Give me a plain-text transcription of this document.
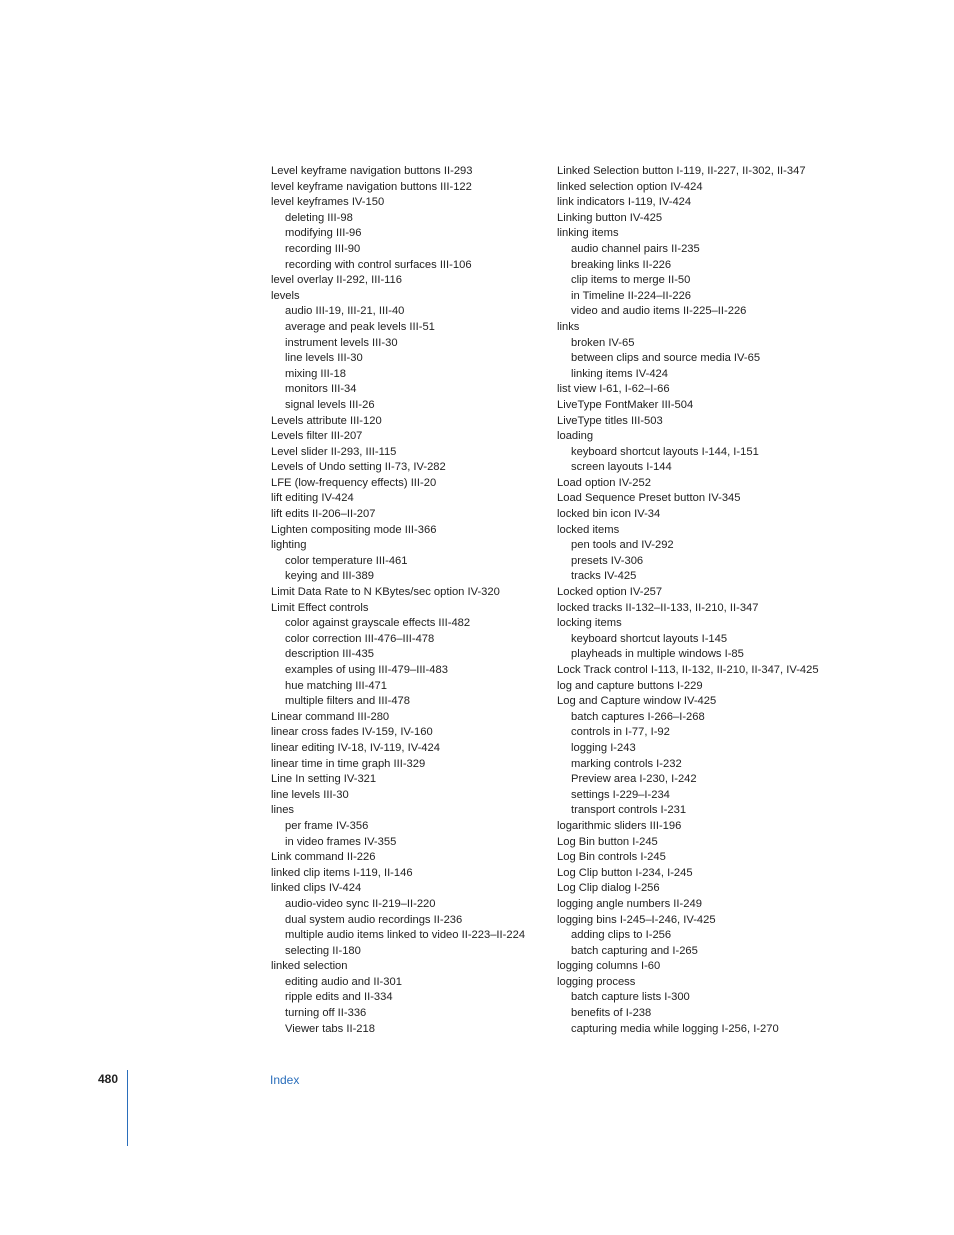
Level keyframe navigation buttons II-293

level keyframe navigation buttons III-122

level keyframes IV-150

deleting III-98

modifying III-96

recording III-90

recording with control surfaces III-106

level overlay II-292, III-116

levels

audio III-19, III-21, III-40

average and peak levels III-51

instrument levels III-30

line levels III-30

mixing III-18

monitors III-34

signal levels III-26

Levels attribute III-120

Levels filter III-207

Level slider II-293, III-115

Levels of Undo setting II-73, IV-282

LFE (low-frequency effects) III-20

lift editing IV-424

lift edits II-206–II-207

Lighten compositing mode III-366

lighting

color temperature III-461

keying and III-389

Limit Data Rate to N KBytes/sec option IV-320

Limit Effect controls

color against grayscale effects III-482

color correction III-476–III-478

description III-435

examples of using III-479–III-483

hue matching III-471

multiple filters and III-478

Linear command III-280

linear cross fades IV-159, IV-160

linear editing IV-18, IV-119, IV-424

linear time in time graph III-329

Line In setting IV-321

line levels III-30

lines

per frame IV-356

in video frames IV-355

Link command II-226

linked clip items I-119, II-146

linked clips IV-424

audio-video sync II-219–II-220

dual system audio recordings II-236

multiple audio items linked to video II-223–II-224

selecting II-180

linked selection

editing audio and II-301

ripple edits and II-334

turning off II-336

Viewer tabs II-218

Linked Selection button I-119, II-227, II-302, II-347

linked selection option IV-424

link indicators I-119, IV-424

Linking button IV-425

linking items

audio channel pairs II-235

breaking links II-226

clip items to merge II-50

in Timeline II-224–II-226

video and audio items II-225–II-226

links

broken IV-65

between clips and source media IV-65

linking items IV-424

list view I-61, I-62–I-66

LiveType FontMaker III-504

LiveType titles III-503

loading

keyboard shortcut layouts I-144, I-151

screen layouts I-144

Load option IV-252

Load Sequence Preset button IV-345

locked bin icon IV-34

locked items

pen tools and IV-292

presets IV-306

tracks IV-425

Locked option IV-257

locked tracks II-132–II-133, II-210, II-347

locking items

keyboard shortcut layouts I-145

playheads in multiple windows I-85

Lock Track control I-113, II-132, II-210, II-347, IV-425

log and capture buttons I-229

Log and Capture window IV-425

batch captures I-266–I-268

controls in I-77, I-92

logging I-243

marking controls I-232

Preview area I-230, I-242

settings I-229–I-234

transport controls I-231

logarithmic sliders III-196

Log Bin button I-245

Log Bin controls I-245

Log Clip button I-234, I-245

Log Clip dialog I-256

logging angle numbers II-249

logging bins I-245–I-246, IV-425

adding clips to I-256

batch capturing and I-265

logging columns I-60

logging process

batch capture lists I-300

benefits of I-238

capturing media while logging I-256, I-270

480	Index
